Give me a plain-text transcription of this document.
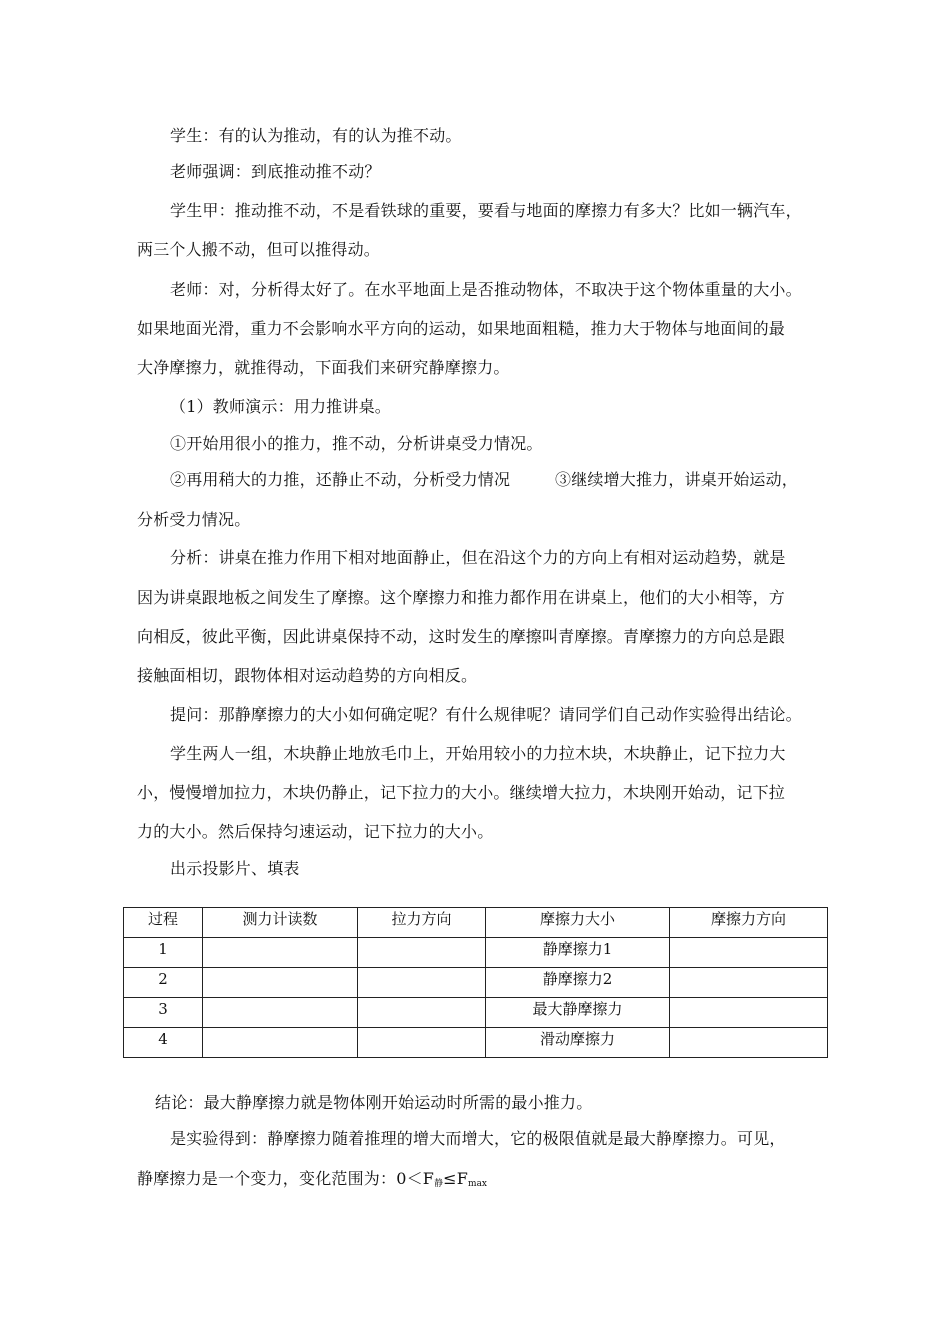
学生：有的认为推动，有的认为推不动。
老师强调：到底推动推不动？
学生甲：推动推不动，不是看铁球的重要，要看与地面的摩擦力有多大？比如一辆汽车，
两三个人搬不动，但可以推得动。
老师：对，分析得太好了。在水平地面上是否推动物体，不取决于这个物体重量的大小。
如果地面光滑，重力不会影响水平方向的运动，如果地面粗糙，推力大于物体与地面间的最
大净摩擦力，就推得动，下面我们来研究静摩擦力。
（1）教师演示：用力推讲桌。
①开始用很小的推力，推不动，分析讲桌受力情况。
②再用稍大的力推，还静止不动，分析受力情况	③继续增大推力，讲桌开始运动，
分析受力情况。
分析：讲桌在推力作用下相对地面静止，但在沿这个力的方向上有相对运动趋势，就是
因为讲桌跟地板之间发生了摩擦。这个摩擦力和推力都作用在讲桌上，他们的大小相等，方
向相反，彼此平衡，因此讲桌保持不动，这时发生的摩擦叫青摩擦。青摩擦力的方向总是跟
接触面相切，跟物体相对运动趋势的方向相反。
提问：那静摩擦力的大小如何确定呢？有什么规律呢？请同学们自己动作实验得出结论。
学生两人一组，木块静止地放毛巾上，开始用较小的力拉木块，木块静止，记下拉力大
小，慢慢增加拉力，木块仍静止，记下拉力的大小。继续增大拉力，木块刚开始动，记下拉
力的大小。然后保持匀速运动，记下拉力的大小。
出示投影片、填表
过程	测力计读数	拉力方向	摩擦力大小	摩擦力方向
1			静摩擦力1	
2			静摩擦力2	
3			最大静摩擦力	
4			滑动摩擦力	
结论：最大静摩擦力就是物体刚开始运动时所需的最小推力。
是实验得到：静摩擦力随着推理的增大而增大，它的极限值就是最大静摩擦力。可见，
静摩擦力是一个变力，变化范围为：$0<F_静\le F_{max}$
